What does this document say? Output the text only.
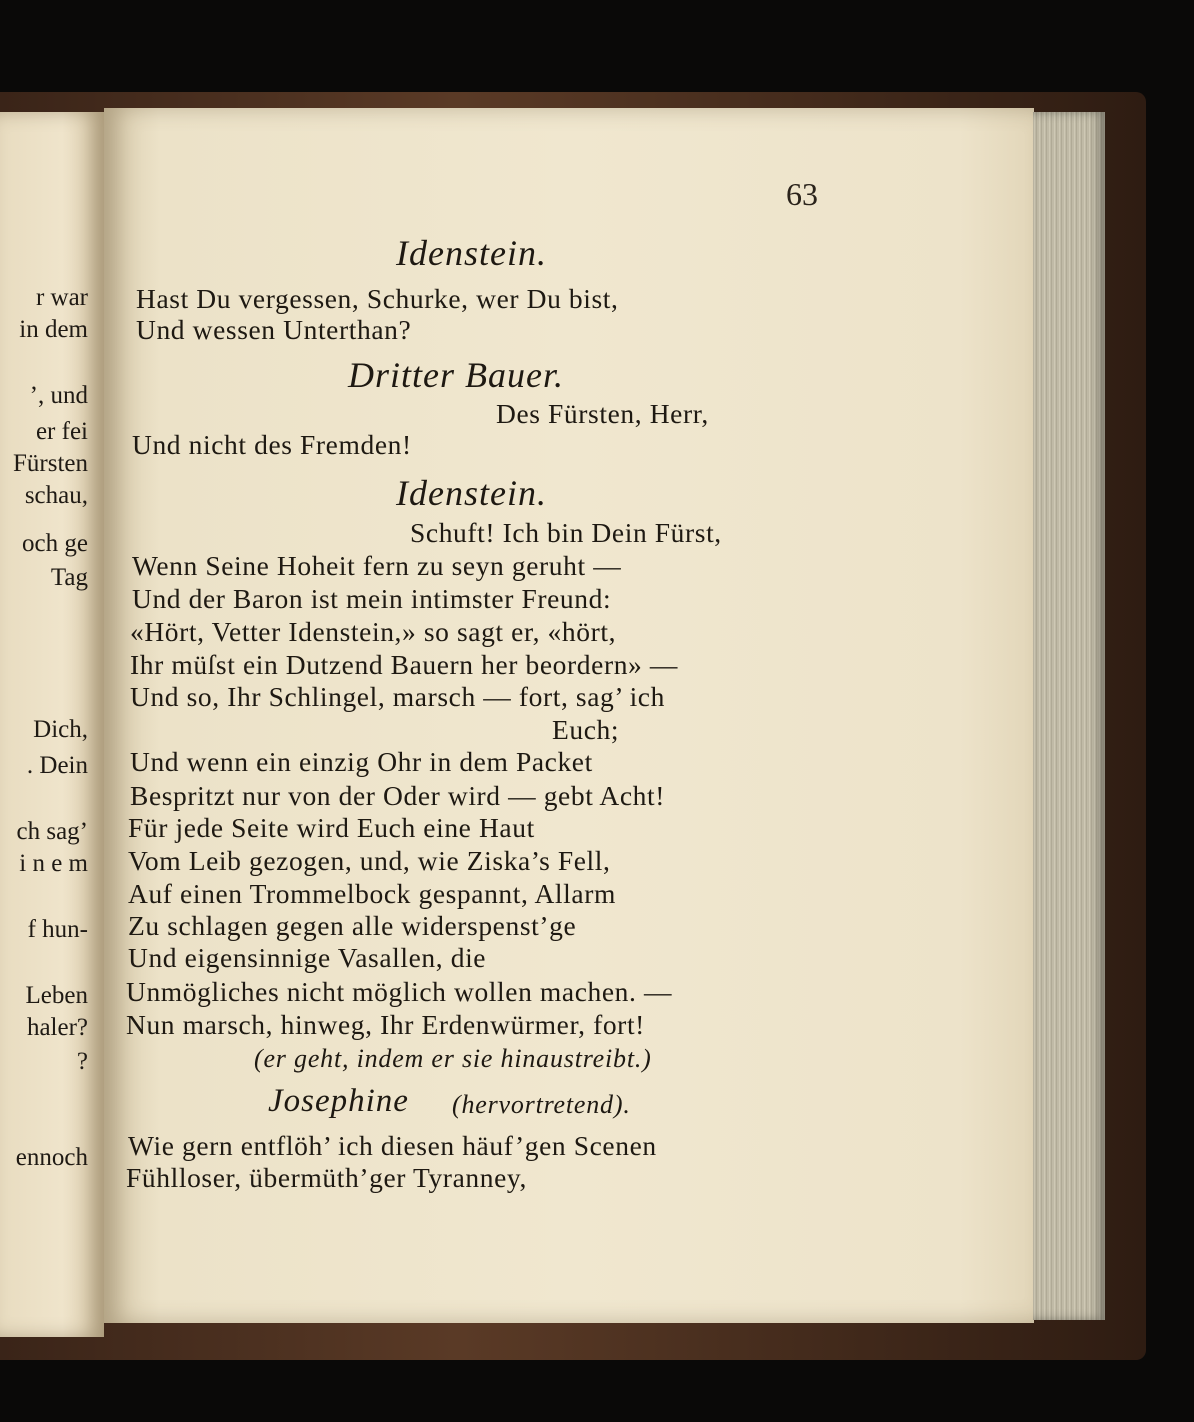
r war
in dem
’, und
er fei
Fürsten
schau,
och ge
Tag
Dich,
. Dein
ch sag’
i n e m
f hun-
Leben
haler?
?
ennoch
63
Idenstein.
Hast Du vergessen, Schurke, wer Du bist,
Und wessen Unterthan?
Dritter Bauer.
Des Fürsten, Herr,
Und nicht des Fremden!
Idenstein.
Schuft! Ich bin Dein Fürst,
Wenn Seine Hoheit fern zu seyn geruht —
Und der Baron ist mein intimster Freund:
«Hört, Vetter Idenstein,» so sagt er, «hört,
Ihr müſst ein Dutzend Bauern her beordern» —
Und so, Ihr Schlingel, marsch — fort, sag’ ich
Euch;
Und wenn ein einzig Ohr in dem Packet
Bespritzt nur von der Oder wird — gebt Acht!
Für jede Seite wird Euch eine Haut
Vom Leib gezogen, und, wie Ziska’s Fell,
Auf einen Trommelbock gespannt, Allarm
Zu schlagen gegen alle widerspenst’ge
Und eigensinnige Vasallen, die
Unmögliches nicht möglich wollen machen. —
Nun marsch, hinweg, Ihr Erdenwürmer, fort!
(er geht, indem er sie hinaustreibt.)
Josephine (hervortretend).
Wie gern entflöh’ ich diesen häuf’gen Scenen
Fühlloser, übermüth’ger Tyranney,
